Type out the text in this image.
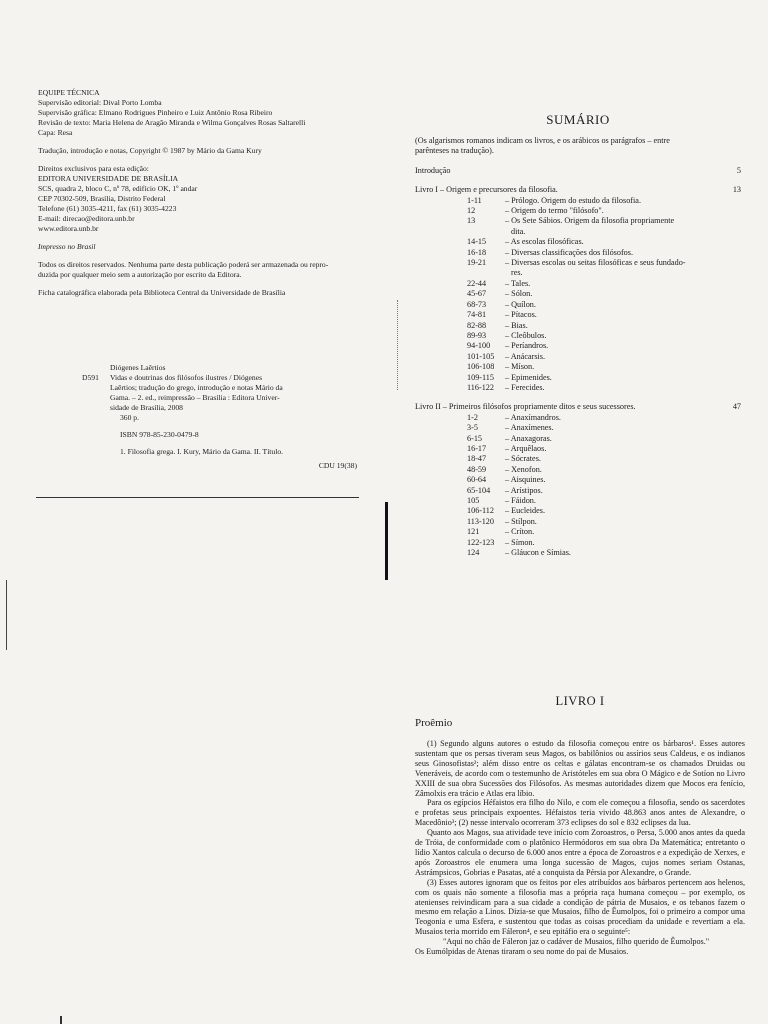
EQUIPE TÉCNICA
Supervisão editorial: Dival Porto Lomba
Supervisão gráfica: Elmano Rodrigues Pinheiro e Luiz Antônio Rosa Ribeiro
Revisão de texto: Maria Helena de Aragão Miranda e Wilma Gonçalves Rosas Saltarelli
Capa: Resa
Tradução, introdução e notas, Copyright © 1987 by Mário da Gama Kury
Direitos exclusivos para esta edição:
EDITORA UNIVERSIDADE DE BRASÍLIA
SCS, quadra 2, bloco C, nº 78, edifício OK, 1º andar
CEP 70302-509, Brasília, Distrito Federal
Telefone (61) 3035-4211, fax (61) 3035-4223
E-mail: direcao@editora.unb.br
www.editora.unb.br
Impresso no Brasil
Todos os direitos reservados. Nenhuma parte desta publicação poderá ser armazenada ou repro-
duzida por qualquer meio sem a autorização por escrito da Editora.
Ficha catalográfica elaborada pela Biblioteca Central da Universidade de Brasília
Diógenes Laêrtios
D591	Vidas e doutrinas dos filósofos ilustres / Diógenes
Laêrtios; tradução do grego, introdução e notas Mário da
Gama. – 2. ed., reimpressão – Brasília : Editora Univer-
sidade de Brasília, 2008
360 p.
ISBN 978-85-230-0479-8
1. Filosofia grega. I. Kury, Mário da Gama. II. Título.
CDU 19(38)
SUMÁRIO
(Os algarismos romanos indicam os livros, e os arábicos os parágrafos – entre
parênteses na tradução).
Introdução	5
Livro I – Origem e precursores da filosofia.	13
1-11	– Prólogo. Origem do estudo da filosofia.
12	– Origem do termo "filósofo".
13	– Os Sete Sábios. Origem da filosofia propriamente
dita.
14-15	– As escolas filosóficas.
16-18	– Diversas classificações dos filósofos.
19-21	– Diversas escolas ou seitas filosóficas e seus fundado-
res.
22-44	– Tales.
45-67	– Sólon.
68-73	– Quílon.
74-81	– Pítacos.
82-88	– Bias.
89-93	– Cleôbulos.
94-100	– Períandros.
101-105	– Anácarsis.
106-108	– Míson.
109-115	– Epimenides.
116-122	– Ferecides.
Livro II – Primeiros filósofos propriamente ditos e seus sucessores.	47
1-2	– Anaxímandros.
3-5	– Anaxímenes.
6-15	– Anaxagoras.
16-17	– Arquêlaos.
18-47	– Sócrates.
48-59	– Xenofon.
60-64	– Aisquines.
65-104	– Arístipos.
105	– Fáidon.
106-112	– Eucleides.
113-120	– Stílpon.
121	– Críton.
122-123	– Símon.
124	– Gláucon e Símias.
LIVRO I
Proêmio

(1) Segundo alguns autores o estudo da filosofia começou entre os bárbaros¹. Esses autores sustentam que os persas tiveram seus Magos, os babilônios ou assírios seus Caldeus, e os indianos seus Ginosofistas²; além disso entre os celtas e gálatas encontram-se os chamados Druidas ou Veneráveis, de acordo com o testemunho de Aristóteles em sua obra O Mágico e de Sotíon no Livro XXIII de sua obra Sucessões dos Filósofos. As mesmas autoridades dizem que Mocos era fenício, Zâmolxis era trácio e Atlas era líbio.

Para os egípcios Héfaistos era filho do Nilo, e com ele começou a filosofia, sendo os sacerdotes e profetas seus principais expoentes. Héfaistos teria vivido 48.863 anos antes de Alexandre, o Macedônio³; (2) nesse intervalo ocorreram 373 eclipses do sol e 832 eclipses da lua.

Quanto aos Magos, sua atividade teve início com Zoroastros, o Persa, 5.000 anos antes da queda de Tróia, de conformidade com o platônico Hermódoros em sua obra Da Matemática; entretanto o lídio Xantos calcula o decurso de 6.000 anos entre a época de Zoroastros e a expedição de Xerxes, e após Zoroastros ele enumera uma longa sucessão de Magos, cujos nomes seriam Ostanas, Astrámpsicos, Gobrias e Pasatas, até a conquista da Pérsia por Alexandre, o Grande.

(3) Esses autores ignoram que os feitos por eles atribuídos aos bárbaros pertencem aos helenos, com os quais não somente a filosofia mas a própria raça humana começou – por exemplo, os atenienses reivindicam para a sua cidade a condição de pátria de Musaios, e os tebanos fazem o mesmo em relação a Linos. Dizia-se que Musaios, filho de Êumolpos, foi o primeiro a compor uma Teogonia e uma Esfera, e sustentou que todas as coisas procediam da unidade e revertiam a ela. Musaios teria morrido em Fáleron⁴, e seu epitáfio era o seguinte⁵:

"Aqui no chão de Fáleron jaz o cadáver de Musaios, filho querido de Êumolpos."

Os Eumólpidas de Atenas tiraram o seu nome do pai de Musaios.
